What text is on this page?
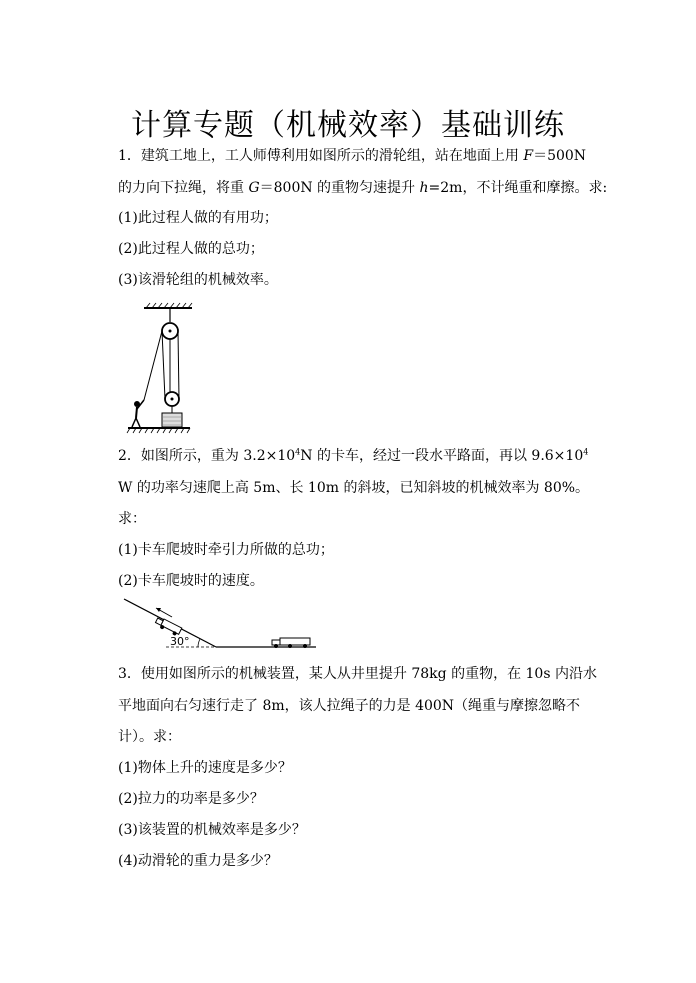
计算专题（机械效率）基础训练
1．建筑工地上，工人师傅利用如图所示的滑轮组，站在地面上用 F＝500N
的力向下拉绳，将重 G＝800N 的重物匀速提升 h=2m，不计绳重和摩擦。求:
(1)此过程人做的有用功；
(2)此过程人做的总功；
(3)该滑轮组的机械效率。
2．如图所示，重为 $3.2\times 10^4N$ 的卡车，经过一段水平路面，再以 $9.6\times 10^4$
W 的功率匀速爬上高 5m、长 10m 的斜坡，已知斜坡的机械效率为 80%。
求：
(1)卡车爬坡时牵引力所做的总功；
(2)卡车爬坡时的速度。
30°
3．使用如图所示的机械装置，某人从井里提升 78kg 的重物，在 10s 内沿水
平地面向右匀速行走了 8m，该人拉绳子的力是 400N（绳重与摩擦忽略不
计）。求：
(1)物体上升的速度是多少？
(2)拉力的功率是多少？
(3)该装置的机械效率是多少？
(4)动滑轮的重力是多少？
